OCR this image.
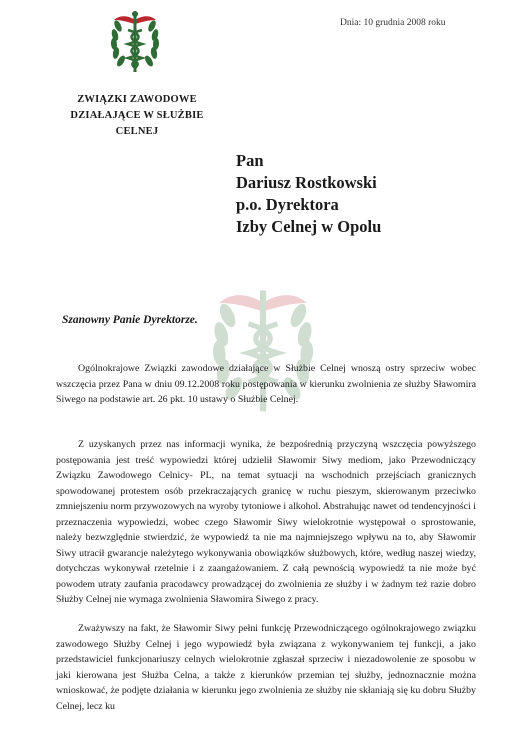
Dnia: 10 grudnia 2008 roku
ZWIĄZKI ZAWODOWE
DZIAŁAJĄCE W SŁUŻBIE CELNEJ
Pan
Dariusz Rostkowski
p.o. Dyrektora
Izby Celnej w Opolu
Szanowny Panie Dyrektorze.

Ogólnokrajowe Związki zawodowe działające w Służbie Celnej wnoszą ostry sprzeciw wobec wszczęcia przez Pana w dniu 09.12.2008 roku postępowania w kierunku zwolnienia ze służby Sławomira Siwego na podstawie art. 26 pkt. 10 ustawy o Służbie Celnej.

Z uzyskanych przez nas informacji wynika, że bezpośrednią przyczyną wszczęcia powyższego postępowania jest treść wypowiedzi której udzielił Sławomir Siwy mediom, jako Przewodniczący Związku Zawodowego Celnicy- PL, na temat sytuacji na wschodnich przejściach granicznych spowodowanej protestem osób przekraczających granicę w ruchu pieszym, skierowanym przeciwko zmniejszeniu norm przywozowych na wyroby tytoniowe i alkohol. Abstrahując nawet od tendencyjności i przeznaczenia wypowiedzi, wobec czego Sławomir Siwy wielokrotnie występował o sprostowanie, należy bezwzględnie stwierdzić, że wypowiedź ta nie ma najmniejszego wpływu na to, aby Sławomir Siwy utracił gwarancje należytego wykonywania obowiązków służbowych, które, według naszej wiedzy, dotychczas wykonywał rzetelnie i z zaangażowaniem. Z całą pewnością wypowiedź ta nie może być powodem utraty zaufania pracodawcy prowadzącej do zwolnienia ze służby i w żadnym też razie dobro Służby Celnej nie wymaga zwolnienia Sławomira Siwego z pracy.

Zważywszy na fakt, że Sławomir Siwy pełni funkcję Przewodniczącego ogólnokrajowego związku zawodowego Służby Celnej i jego wypowiedź była związana z wykonywaniem tej funkcji, a jako przedstawiciel funkcjonariuszy celnych wielokrotnie zgłaszał sprzeciw i niezadowolenie ze sposobu w jaki kierowana jest Służba Celna, a także z kierunków przemian tej służby, jednoznacznie można wnioskować, że podjęte działania w kierunku jego zwolnienia ze służby nie skłaniają się ku dobru Służby Celnej, lecz ku
